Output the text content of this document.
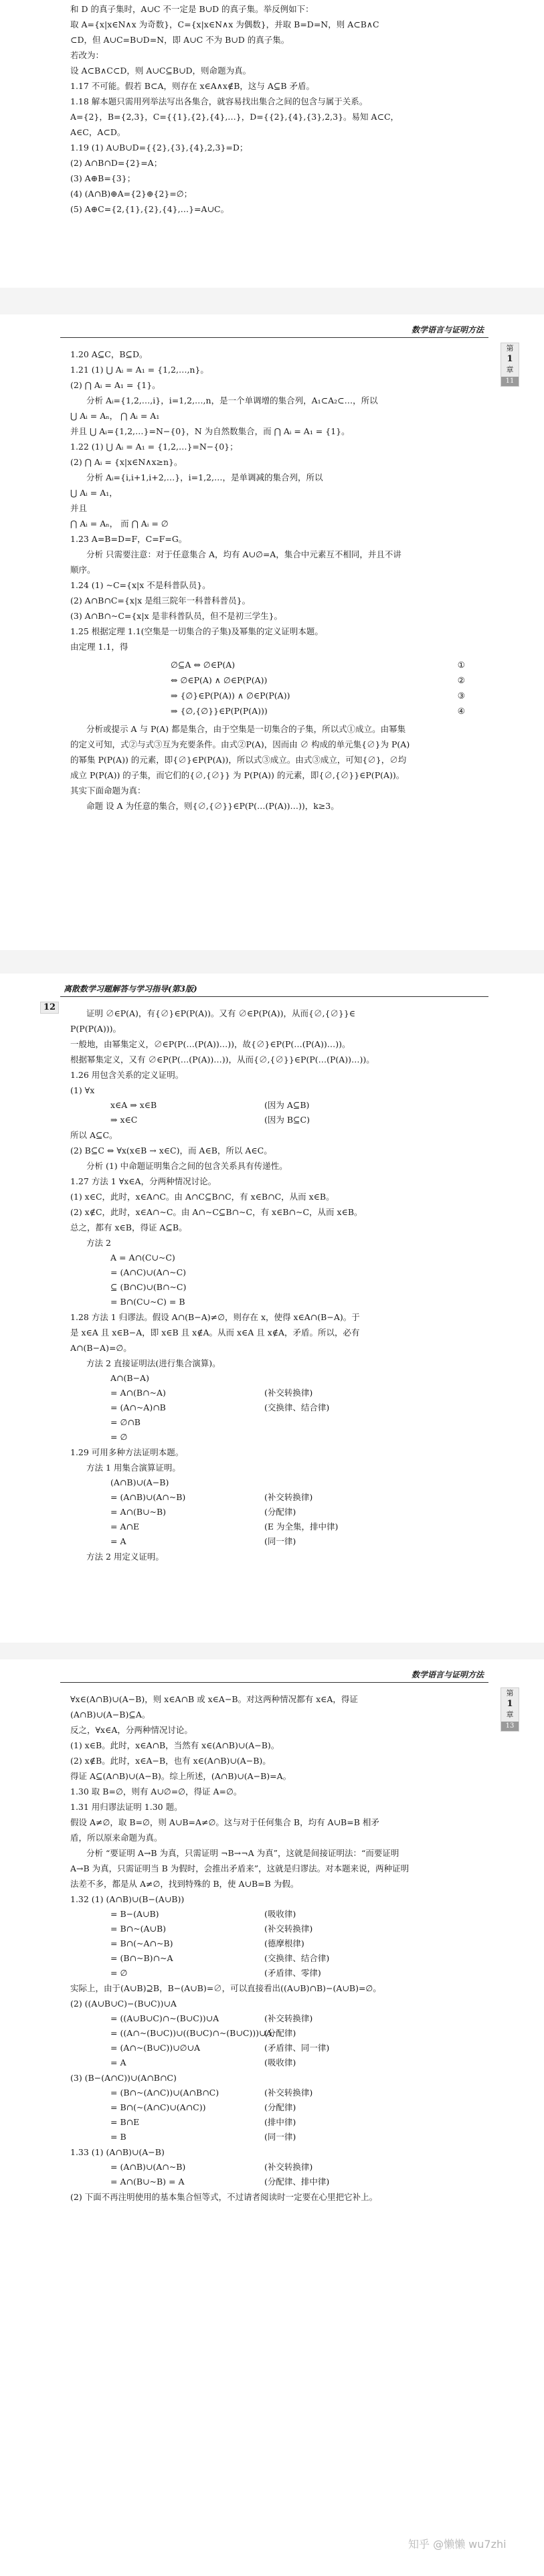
和 D 的真子集时，A∪C 不一定是 B∪D 的真子集。举反例如下：
取 A={x|x∈N∧x 为奇数}，C={x|x∈N∧x 为偶数}，并取 B=D=N，则 A⊂B∧C
⊂D，但 A∪C=B∪D=N，即 A∪C 不为 B∪D 的真子集。
若改为：
设 A⊂B∧C⊂D，则 A∪C⊆B∪D，则命题为真。
1.17 不可能。假若 B⊂A，则存在 x∈A∧x∉B，这与 A⊆B 矛盾。
1.18 解本题只需用列举法写出各集合，就容易找出集合之间的包含与属于关系。
A={2}，B={2,3}，C={{1},{2},{4},…}，D={{2},{4},{3},2,3}。易知 A⊂C，
A∈C，A⊂D。
1.19 (1) A∪B∪D={{2},{3},{4},2,3}=D；
(2) A∩B∩D={2}=A；
(3) A⊕B={3}；
(4) (A∩B)⊕A={2}⊕{2}=∅；
(5) A⊕C={2,{1},{2},{4},…}=A∪C。
数学语言与证明方法
第
1
章
11
1.20 A⊆C，B⊆D。
1.21 (1) ⋃ Aᵢ = A₁ = {1,2,…,n}。
(2) ⋂ Aᵢ = A₁ = {1}。
分析 Aᵢ={1,2,…,i}，i=1,2,…,n，是一个单调增的集合列，A₁⊂A₂⊂…，所以
⋃ Aᵢ = Aₙ， ⋂ Aᵢ = A₁
并且 ⋃ Aᵢ={1,2,…}=N−{0}，N 为自然数集合，而 ⋂ Aᵢ = A₁ = {1}。
1.22 (1) ⋃ Aᵢ = A₁ = {1,2,…}=N−{0}；
(2) ⋂ Aᵢ = {x|x∈N∧x≥n}。
分析 Aᵢ={i,i+1,i+2,…}，i=1,2,…，是单调减的集合列，所以
⋃ Aᵢ = A₁，
并且
⋂ Aᵢ = Aₙ， 而 ⋂ Aᵢ = ∅
1.23 A=B=D=F，C=F=G。
分析 只需要注意：对于任意集合 A，均有 A∪∅=A，集合中元素互不相同，并且不讲
顺序。
1.24 (1) ~C={x|x 不是科普队员}。
(2) A∩B∩C={x|x 是组三院年一科普科普员}。
(3) A∩B∩~C={x|x 是非科普队员，但不是初三学生}。
1.25 根据定理 1.1(空集是一切集合的子集)及幂集的定义证明本题。
由定理 1.1，得
∅⊆A ⇔ ∅∈P(A)	①
⇔ ∅∈P(A) ∧ ∅∈P(P(A))	②
⇒ {∅}∈P(P(A)) ∧ ∅∈P(P(A))	③
⇒ {∅,{∅}}∈P(P(P(A)))	④
分析或提示 A 与 P(A) 都是集合，由于空集是一切集合的子集，所以式①成立。由幂集
的定义可知，式②与式③互为充要条件。由式②P(A)，因而由 ∅ 构成的单元集{∅}为 P(A)
的幂集 P(P(A)) 的元素，即{∅}∈P(P(A))，所以式③成立。由式③成立，可知{∅}，∅均
成立 P(P(A)) 的子集，而它们的{∅,{∅}} 为 P(P(A)) 的元素，即{∅,{∅}}∈P(P(A))。
其实下面命题为真：
命题 设 A 为任意的集合，则{∅,{∅}}∈P(P(…(P(A))…))，k≥3。
离散数学习题解答与学习指导(第3版)
12
证明 ∅∈P(A)，有{∅}∈P(P(A))。又有 ∅∈P(P(A))，从而{∅,{∅}}∈
P(P(P(A)))。
一般地，由幂集定义，∅∈P(P(…(P(A))…))，故{∅}∈P(P(…(P(A))…))。
根据幂集定义，又有 ∅∈P(P(…(P(A))…))，从而{∅,{∅}}∈P(P(…(P(A))…))。
1.26 用包含关系的定义证明。
(1) ∀x
x∈A ⇒ x∈B	(因为 A⊆B)
⇒ x∈C	(因为 B⊆C)
所以 A⊆C。
(2) B⊆C ⇔ ∀x(x∈B → x∈C)，而 A∈B，所以 A∈C。
分析 (1) 中命题证明集合之间的包含关系具有传递性。
1.27 方法 1 ∀x∈A，分两种情况讨论。
(1) x∈C，此时，x∈A∩C。由 A∩C⊆B∩C，有 x∈B∩C，从而 x∈B。
(2) x∉C，此时，x∈A∩~C。由 A∩~C⊆B∩~C，有 x∈B∩~C，从而 x∈B。
总之，都有 x∈B，得证 A⊆B。
方法 2
A = A∩(C∪~C)
= (A∩C)∪(A∩~C)
⊆ (B∩C)∪(B∩~C)
= B∩(C∪~C) = B
1.28 方法 1 归谬法。假设 A∩(B−A)≠∅，则存在 x，使得 x∈A∩(B−A)。于
是 x∈A 且 x∈B−A，即 x∈B 且 x∉A。从而 x∈A 且 x∉A，矛盾。所以，必有
A∩(B−A)=∅。
方法 2 直接证明法(进行集合演算)。
A∩(B−A)
= A∩(B∩~A)	(补交转换律)
= (A∩~A)∩B	(交换律、结合律)
= ∅∩B
= ∅
1.29 可用多种方法证明本题。
方法 1 用集合演算证明。
(A∩B)∪(A−B)
= (A∩B)∪(A∩~B)	(补交转换律)
= A∩(B∪~B)	(分配律)
= A∩E	(E 为全集，排中律)
= A	(同一律)
方法 2 用定义证明。
数学语言与证明方法
第
1
章
13
∀x∈(A∩B)∪(A−B)，则 x∈A∩B 或 x∈A−B。对这两种情况都有 x∈A，得证
(A∩B)∪(A−B)⊆A。
反之，∀x∈A，分两种情况讨论。
(1) x∈B。此时，x∈A∩B，当然有 x∈(A∩B)∪(A−B)。
(2) x∉B。此时，x∈A−B，也有 x∈(A∩B)∪(A−B)。
得证 A⊆(A∩B)∪(A−B)。综上所述，(A∩B)∪(A−B)=A。
1.30 取 B=∅，则有 A∪∅=∅，得证 A=∅。
1.31 用归谬法证明 1.30 题。
假设 A≠∅，取 B=∅，则 A∪B=A≠∅。这与对于任何集合 B，均有 A∪B=B 相矛
盾，所以原来命题为真。
分析 “要证明 A→B 为真，只需证明 ¬B→¬A 为真”，这就是间接证明法：“而要证明
A→B 为真，只需证明当 B 为假时，会推出矛盾来”，这就是归谬法。对本题来说，两种证明
法差不多，都是从 A≠∅，找到特殊的 B，使 A∪B=B 为假。
1.32 (1) (A∩B)∪(B−(A∪B))
= B−(A∪B)	(吸收律)
= B∩~(A∪B)	(补交转换律)
= B∩(~A∩~B)	(德摩根律)
= (B∩~B)∩~A	(交换律、结合律)
= ∅	(矛盾律、零律)
实际上，由于(A∪B)⊇B，B−(A∪B)=∅，可以直接看出((A∪B)∩B)−(A∪B)=∅。
(2) ((A∪B∪C)−(B∪C))∪A
= ((A∪B∪C)∩~(B∪C))∪A	(补交转换律)
= ((A∩~(B∪C))∪((B∪C)∩~(B∪C)))∪A
(分配律)
= (A∩~(B∪C))∪∅∪A	(矛盾律、同一律)
= A	(吸收律)
(3) (B−(A∩C))∪(A∩B∩C)
= (B∩~(A∩C))∪(A∩B∩C)	(补交转换律)
= B∩(~(A∩C)∪(A∩C))	(分配律)
= B∩E	(排中律)
= B	(同一律)
1.33 (1) (A∩B)∪(A−B)
= (A∩B)∪(A∩~B)	(补交转换律)
= A∩(B∪~B) = A	(分配律、排中律)
(2) 下面不再注明使用的基本集合恒等式，不过请者阅读时一定要在心里把它补上。
知乎 @懒懒 wu7zhi
